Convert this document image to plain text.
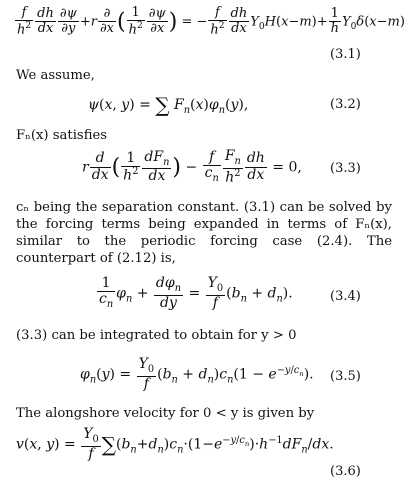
$\frac{f}{h^2} \frac{dh}{dx} \frac{\partial\psi}{\partial y} +r \frac{\partial}{\partial x}$ ( $\frac{1}{h^2} \frac{\partial\psi}{\partial x}$ ) = − $\frac{f}{h^2} \frac{dh}{dx} Y_0H(x-m)+ \frac{1}{h} Y_0\delta(x-m)$
(3.1)
We assume,
ψ(x, y) = ∑ $F_n(x)\varphi_n(y)$,	(3.2)
Fₙ(x) satisfies
r $\frac{d}{dx}$ ( $\frac{1}{h^2} \frac{dF_n}{dx}$ ) − $\frac{f}{c_n} \frac{F_n}{h^2} \frac{dh}{dx} = 0$,	(3.3)
cₙ being the separation constant. (3.1) can be solved by the forcing terms being expanded in terms of Fₙ(x), similar to the periodic forcing case (2.4). The counterpart of (2.12) is,
$\frac{1}{c_n} \varphi_n + \frac{d\varphi_n}{dy} = \frac{Y_0}{f} (b_n + d_n)$.	(3.4)
(3.3) can be integrated to obtain for y > 0
$\varphi_n(y) = \frac{Y_0}{f} (b_n + d_n)c_n(1 - e^{-y/c_n})$.	(3.5)
The alongshore velocity for 0 < y is given by
v(x, $y) = \frac{Y_0}{f} \sum(b_n+d_n)c_n\cdot(1-e^{-y/c_n})\cdot h^{-1}dF_n/dx$.
(3.6)
